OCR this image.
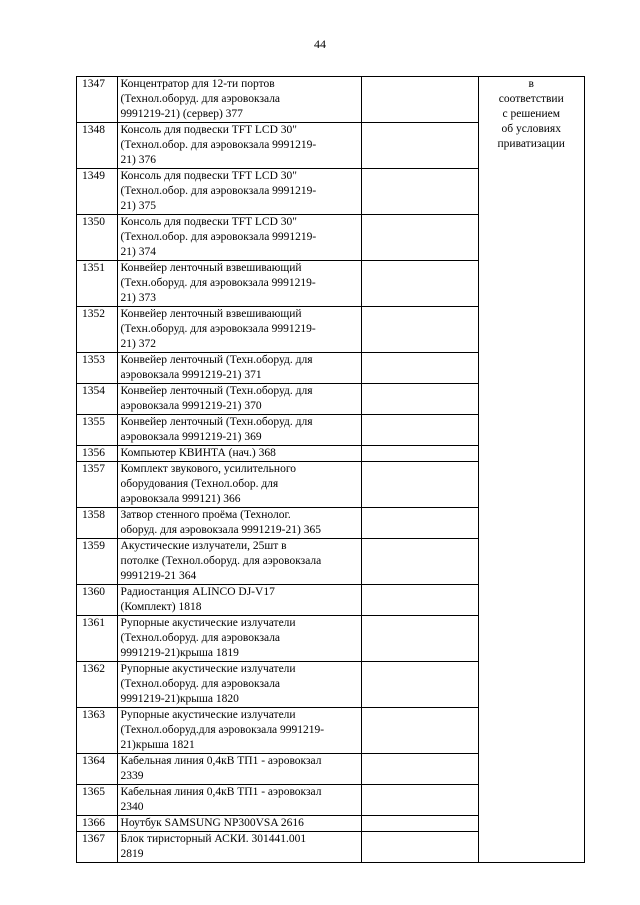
44
1347	Концентратор для 12-ти портов
(Технол.оборуд. для аэровокзала
9991219-21) (сервер) 377		в
соответствии
с решением
об условиях
приватизации

1348	Консоль для подвески TFT LCD 30"
(Технол.обор. для аэровокзала 9991219-
21) 376		

1349	Консоль для подвески TFT LCD 30"
(Технол.обор. для аэровокзала 9991219-
21) 375		

1350	Консоль для подвески TFT LCD 30"
(Технол.обор. для аэровокзала 9991219-
21) 374		

1351	Конвейер ленточный взвешивающий
(Техн.оборуд. для аэровокзала 9991219-
21) 373		

1352	Конвейер ленточный взвешивающий
(Техн.оборуд. для аэровокзала 9991219-
21) 372		

1353	Конвейер ленточный (Техн.оборуд. для
аэровокзала 9991219-21) 371		

1354	Конвейер ленточный (Техн.оборуд. для
аэровокзала 9991219-21) 370		

1355	Конвейер ленточный (Техн.оборуд. для
аэровокзала 9991219-21) 369		

1356	Компьютер КВИНТА (нач.) 368		

1357	Комплект звукового, усилительного
оборудования (Технол.обор. для
аэровокзала 999121) 366		

1358	Затвор стенного проёма (Технолог.
оборуд. для аэровокзала 9991219-21) 365		

1359	Акустические излучатели, 25шт в
потолке (Технол.оборуд. для аэровокзала
9991219-21 364		

1360	Радиостанция ALINCO DJ-V17
(Комплект) 1818		

1361	Рупорные акустические излучатели
(Технол.оборуд. для аэровокзала
9991219-21)крыша 1819		

1362	Рупорные акустические излучатели
(Технол.оборуд. для аэровокзала
9991219-21)крыша 1820		

1363	Рупорные акустические излучатели
(Технол.оборуд.для аэровокзала 9991219-
21)крыша 1821		

1364	Кабельная линия 0,4кВ ТП1 - аэровокзал
2339		

1365	Кабельная линия 0,4кВ ТП1 - аэровокзал
2340		

1366	Ноутбук SAMSUNG NP300VSA 2616		

1367	Блок тиристорный АСКИ. 301441.001
2819		
